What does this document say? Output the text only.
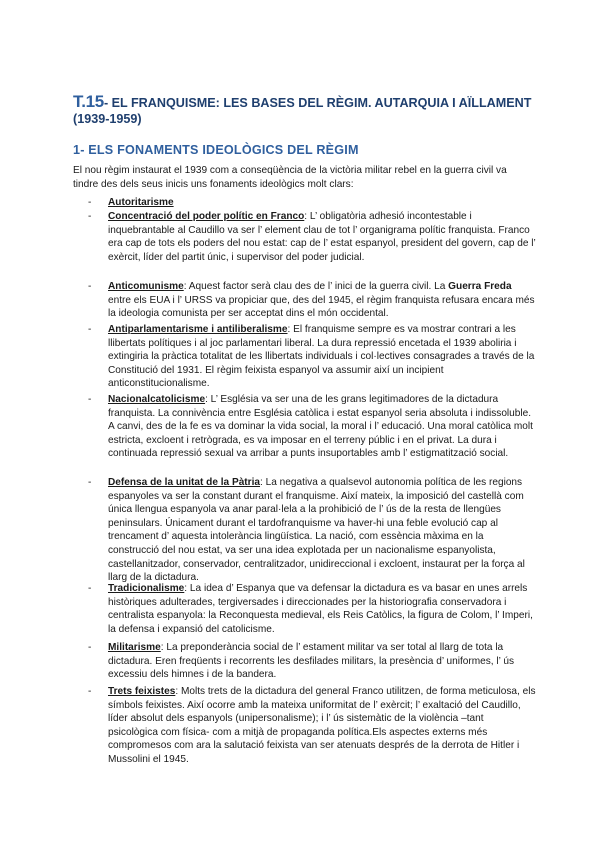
T.15- EL FRANQUISME: LES BASES DEL RÈGIM. AUTARQUIA I AÏLLAMENT (1939-1959)
1- ELS FONAMENTS IDEOLÒGICS DEL RÈGIM

El nou règim instaurat el 1939 com a conseqüència de la victòria militar rebel en la guerra civil va tindre des dels seus inicis uns fonaments ideològics molt clars:

- Autoritarisme

- Concentració del poder polític en Franco: L’ obligatòria adhesió incontestable i inquebrantable al Caudillo va ser l’ element clau de tot l’ organigrama polític franquista. Franco era cap de tots els poders del nou estat: cap de l’ estat espanyol, president del govern, cap de l’ exèrcit, líder del partit únic, i supervisor del poder judicial.

- Anticomunisme: Aquest factor serà clau des de l’ inici de la guerra civil. La Guerra Freda entre els EUA i l’ URSS va propiciar que, des del 1945, el règim franquista refusara encara més la ideologia comunista per ser acceptat dins el món occidental.

- Antiparlamentarisme i antiliberalisme: El franquisme sempre es va mostrar contrari a les llibertats polítiques i al joc parlamentari liberal. La dura repressió encetada el 1939 aboliria i extingiria la pràctica totalitat de les llibertats individuals i col·lectives consagrades a través de la Constitució del 1931. El règim feixista espanyol va assumir així un incipient anticonstitucionalisme.

- Nacionalcatolicisme: L’ Església va ser una de les grans legitimadores de la dictadura franquista. La connivència entre Església catòlica i estat espanyol seria absoluta i indissoluble. A canvi, des de la fe es va dominar la vida social, la moral i l’ educació. Una moral catòlica molt estricta, excloent i retrògrada, es va imposar en el terreny públic i en el privat. La dura i continuada repressió sexual va arribar a punts insuportables amb l’ estigmatització social.

- Defensa de la unitat de la Pàtria: La negativa a qualsevol autonomia política de les regions espanyoles va ser la constant durant el franquisme. Així mateix, la imposició del castellà com única llengua espanyola va anar paral·lela a la prohibició de l’ ús de la resta de llengües peninsulars. Únicament durant el tardofranquisme va haver-hi una feble evolució cap al trencament d’ aquesta intolerància lingüística. La nació, com essència màxima en la construcció del nou estat, va ser una idea explotada per un nacionalisme espanyolista, castellanitzador, conservador, centralitzador, unidireccional i excloent, instaurat per la força al llarg de la dictadura.

- Tradicionalisme: La idea d’ Espanya que va defensar la dictadura es va basar en unes arrels històriques adulterades, tergiversades i direccionades per la historiografia conservadora i centralista espanyola: la Reconquesta medieval, els Reis Catòlics, la figura de Colom, l’ Imperi, la defensa i expansió del catolicisme.

- Militarisme: La preponderància social de l’ estament militar va ser total al llarg de tota la dictadura. Eren freqüents i recorrents les desfilades militars, la presència d’ uniformes, l’ ús excessiu dels himnes i de la bandera.

- Trets feixistes: Molts trets de la dictadura del general Franco utilitzen, de forma meticulosa, els símbols feixistes. Així ocorre amb la mateixa uniformitat de l’ exèrcit; l’ exaltació del Caudillo, líder absolut dels espanyols (unipersonalisme); i l’ ús sistemàtic de la violència –tant psicològica com física- com a mitjà de propaganda política.Els aspectes externs més compromesos com ara la salutació feixista van ser atenuats després de la derrota de Hitler i Mussolini el 1945.
